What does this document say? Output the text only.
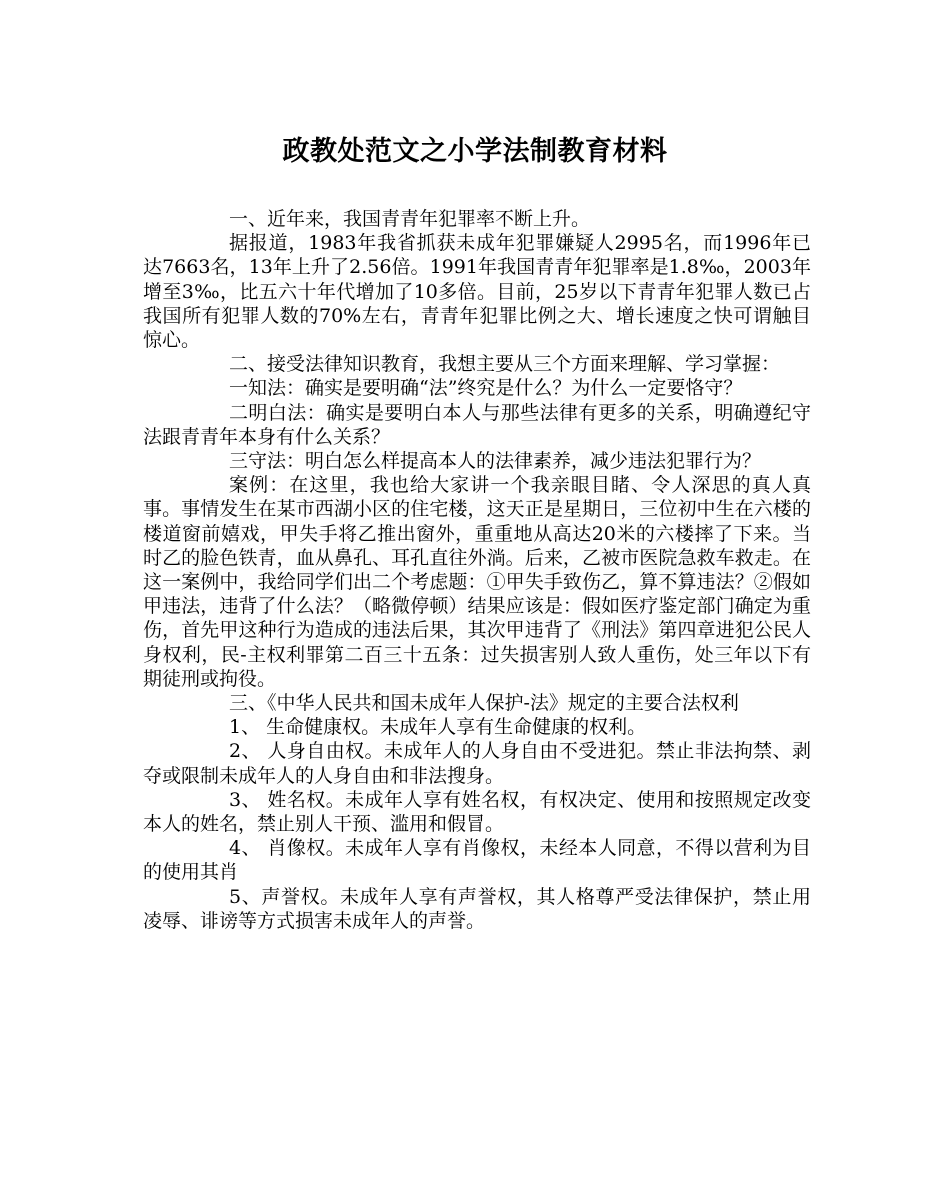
政教处范文之小学法制教育材料

一、近年来，我国青青年犯罪率不断上升。

据报道，1983年我省抓获未成年犯罪嫌疑人2995名，而1996年已达7663名，13年上升了2.56倍。1991年我国青青年犯罪率是1.8‰，2003年增至3‰，比五六十年代增加了10多倍。目前，25岁以下青青年犯罪人数已占我国所有犯罪人数的70%左右，青青年犯罪比例之大、增长速度之快可谓触目惊心。

二、接受法律知识教育，我想主要从三个方面来理解、学习掌握：

一知法：确实是要明确“法”终究是什么？为什么一定要恪守？

二明白法：确实是要明白本人与那些法律有更多的关系，明确遵纪守法跟青青年本身有什么关系？

三守法：明白怎么样提高本人的法律素养，减少违法犯罪行为？

案例：在这里，我也给大家讲一个我亲眼目睹、令人深思的真人真事。事情发生在某市西湖小区的住宅楼，这天正是星期日，三位初中生在六楼的楼道窗前嬉戏，甲失手将乙推出窗外，重重地从高达20米的六楼摔了下来。当时乙的脸色铁青，血从鼻孔、耳孔直往外淌。后来，乙被市医院急救车救走。在这一案例中，我给同学们出二个考虑题：①甲失手致伤乙，算不算违法？②假如甲违法，违背了什么法？（略微停顿）结果应该是：假如医疗鉴定部门确定为重伤，首先甲这种行为造成的违法后果，其次甲违背了《刑法》第四章进犯公民人身权利，民-主权利罪第二百三十五条：过失损害别人致人重伤，处三年以下有期徒刑或拘役。

三、《中华人民共和国未成年人保护-法》规定的主要合法权利

1、 生命健康权。未成年人享有生命健康的权利。

2、 人身自由权。未成年人的人身自由不受进犯。禁止非法拘禁、剥夺或限制未成年人的人身自由和非法搜身。

3、 姓名权。未成年人享有姓名权，有权决定、使用和按照规定改变本人的姓名，禁止别人干预、滥用和假冒。

4、 肖像权。未成年人享有肖像权，未经本人同意，不得以营利为目的使用其肖

5、声誉权。未成年人享有声誉权，其人格尊严受法律保护，禁止用凌辱、诽谤等方式损害未成年人的声誉。
